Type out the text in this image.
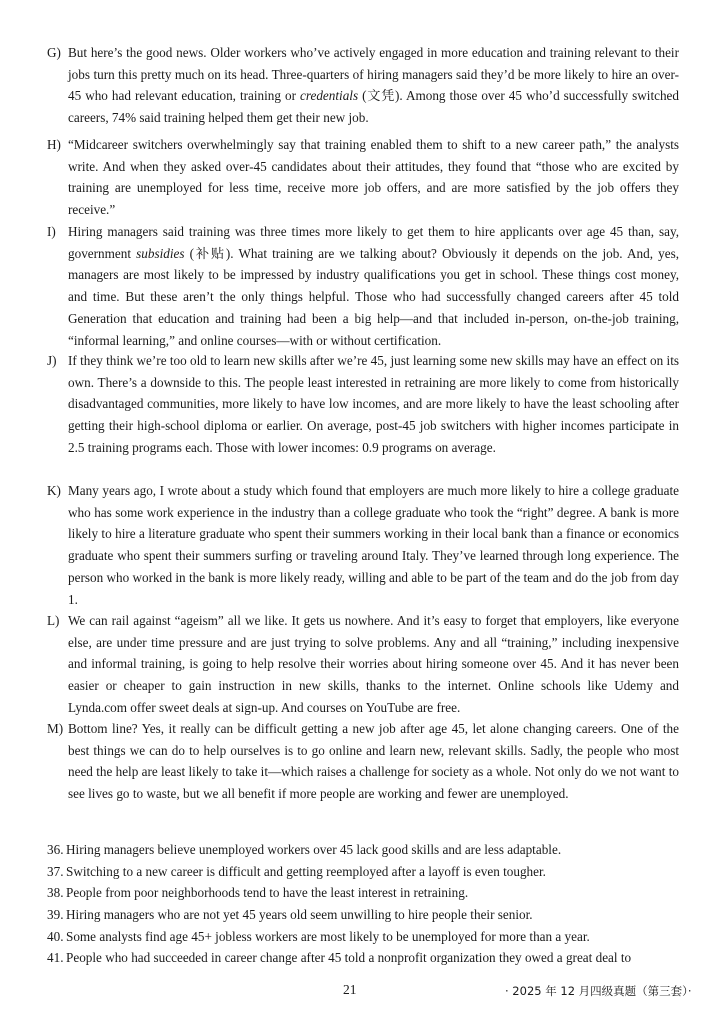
G) But here’s the good news. Older workers who’ve actively engaged in more education and training relevant to their jobs turn this pretty much on its head. Three-quarters of hiring managers said they’d be more likely to hire an over-45 who had relevant education, training or credentials (文凭). Among those over 45 who’d successfully switched careers, 74% said training helped them get their new job.
H) “Midcareer switchers overwhelmingly say that training enabled them to shift to a new career path,” the analysts write. And when they asked over-45 candidates about their attitudes, they found that “those who are excited by training are unemployed for less time, receive more job offers, and are more satisfied by the job offers they receive.”
I) Hiring managers said training was three times more likely to get them to hire applicants over age 45 than, say, government subsidies (补贴). What training are we talking about? Obviously it depends on the job. And, yes, managers are most likely to be impressed by industry qualifications you get in school. These things cost money, and time. But these aren’t the only things helpful. Those who had successfully changed careers after 45 told Generation that education and training had been a big help—and that included in-person, on-the-job training, “informal learning,” and online courses—with or without certification.
J) If they think we’re too old to learn new skills after we’re 45, just learning some new skills may have an effect on its own. There’s a downside to this. The people least interested in retraining are more likely to come from historically disadvantaged communities, more likely to have low incomes, and are more likely to have the least schooling after getting their high-school diploma or earlier. On average, post-45 job switchers with higher incomes participate in 2.5 training programs each. Those with lower incomes: 0.9 programs on average.
K) Many years ago, I wrote about a study which found that employers are much more likely to hire a college graduate who has some work experience in the industry than a college graduate who took the “right” degree. A bank is more likely to hire a literature graduate who spent their summers working in their local bank than a finance or economics graduate who spent their summers surfing or traveling around Italy. They’ve learned through long experience. The person who worked in the bank is more likely ready, willing and able to be part of the team and do the job from day 1.
L) We can rail against “ageism” all we like. It gets us nowhere. And it’s easy to forget that employers, like everyone else, are under time pressure and are just trying to solve problems. Any and all “training,” including inexpensive and informal training, is going to help resolve their worries about hiring someone over 45. And it has never been easier or cheaper to gain instruction in new skills, thanks to the internet. Online schools like Udemy and Lynda.com offer sweet deals at sign-up. And courses on YouTube are free.
M) Bottom line? Yes, it really can be difficult getting a new job after age 45, let alone changing careers. One of the best things we can do to help ourselves is to go online and learn new, relevant skills. Sadly, the people who most need the help are least likely to take it—which raises a challenge for society as a whole. Not only do we not want to see lives go to waste, but we all benefit if more people are working and fewer are unemployed.
36. Hiring managers believe unemployed workers over 45 lack good skills and are less adaptable.
37. Switching to a new career is difficult and getting reemployed after a layoff is even tougher.
38. People from poor neighborhoods tend to have the least interest in retraining.
39. Hiring managers who are not yet 45 years old seem unwilling to hire people their senior.
40. Some analysts find age 45+ jobless workers are most likely to be unemployed for more than a year.
41. People who had succeeded in career change after 45 told a nonprofit organization they owed a great deal to
21	· 2025 年 12 月四级真题（第三套）·
